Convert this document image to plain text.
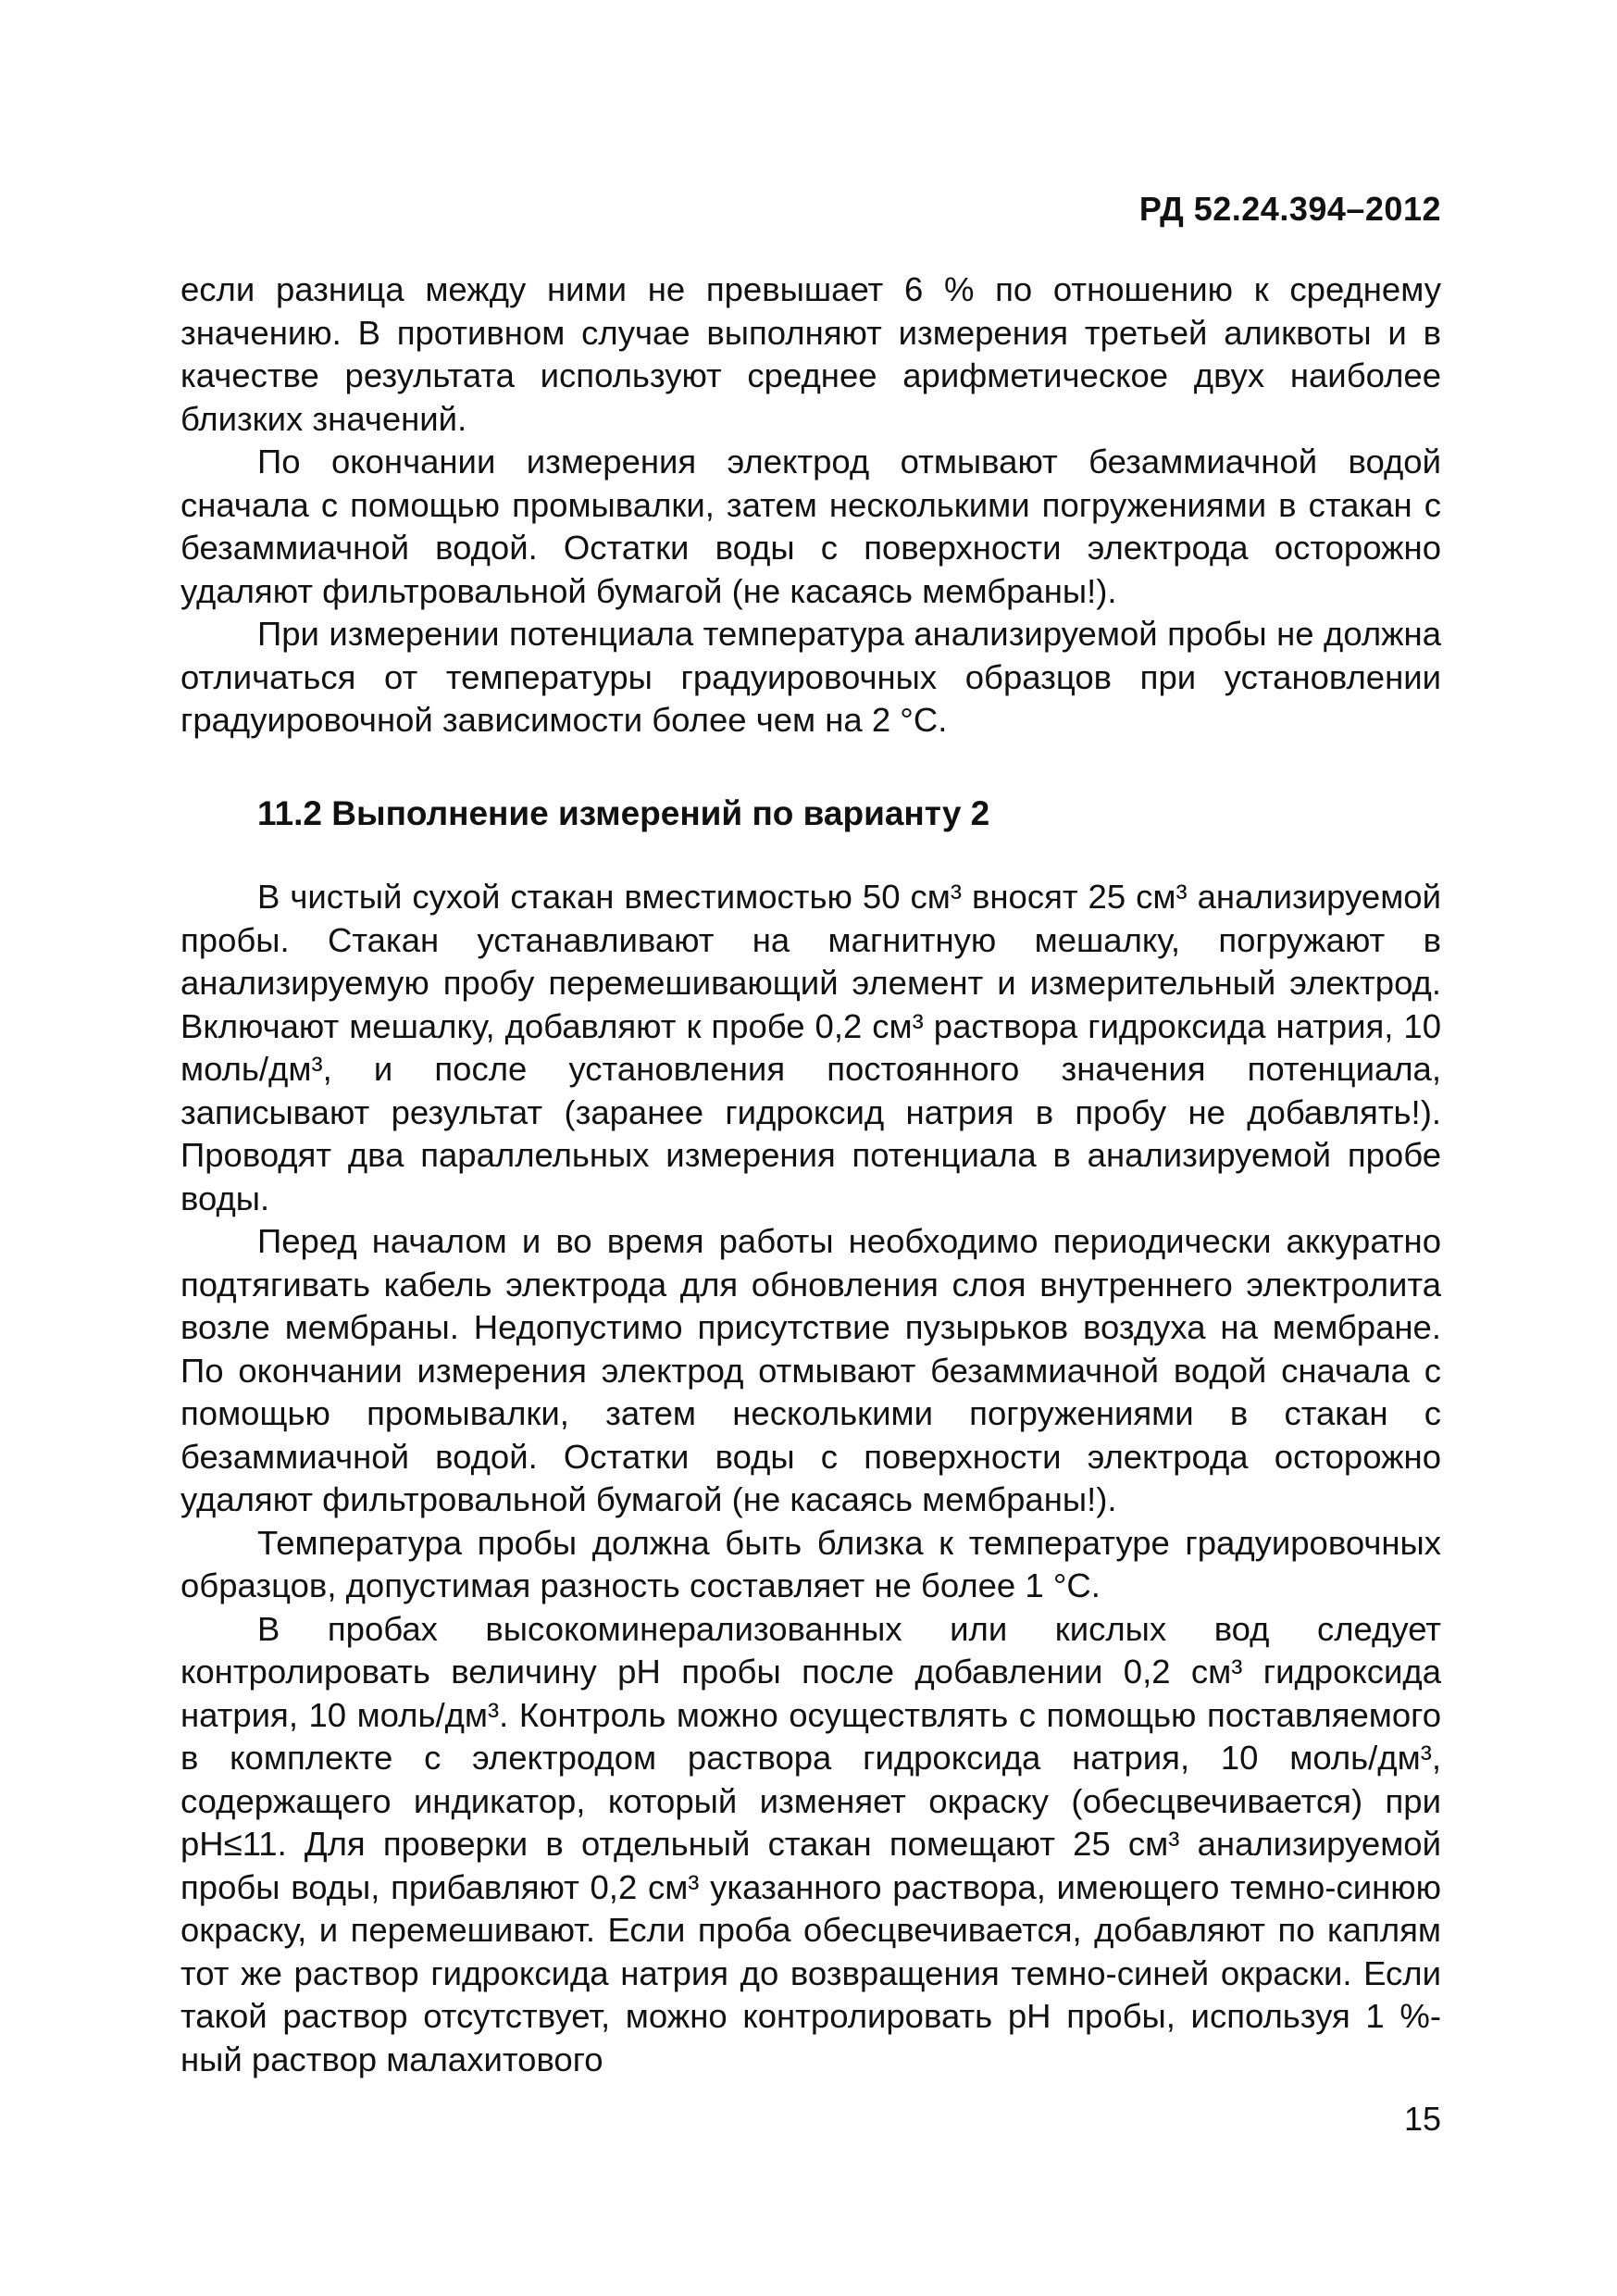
РД 52.24.394–2012

если разница между ними не превышает 6 % по отношению к среднему значению. В противном случае выполняют измерения третьей аликвоты и в качестве результата используют среднее арифметическое двух наиболее близких значений.

По окончании измерения электрод отмывают безаммиачной водой сначала с помощью промывалки, затем несколькими погружениями в стакан с безаммиачной водой. Остатки воды с поверхности электрода осторожно удаляют фильтровальной бумагой (не касаясь мембраны!).

При измерении потенциала температура анализируемой пробы не должна отличаться от температуры градуировочных образцов при установлении градуировочной зависимости более чем на 2 °С.

11.2 Выполнение измерений по варианту 2

В чистый сухой стакан вместимостью 50 см³ вносят 25 см³ анализируемой пробы. Стакан устанавливают на магнитную мешалку, погружают в анализируемую пробу перемешивающий элемент и измерительный электрод. Включают мешалку, добавляют к пробе 0,2 см³ раствора гидроксида натрия, 10 моль/дм³, и после установления постоянного значения потенциала, записывают результат (заранее гидроксид натрия в пробу не добавлять!). Проводят два параллельных измерения потенциала в анализируемой пробе воды.

Перед началом и во время работы необходимо периодически аккуратно подтягивать кабель электрода для обновления слоя внутреннего электролита возле мембраны. Недопустимо присутствие пузырьков воздуха на мембране. По окончании измерения электрод отмывают безаммиачной водой сначала с помощью промывалки, затем несколькими погружениями в стакан с безаммиачной водой. Остатки воды с поверхности электрода осторожно удаляют фильтровальной бумагой (не касаясь мембраны!).

Температура пробы должна быть близка к температуре градуировочных образцов, допустимая разность составляет не более 1 °С.

В пробах высокоминерализованных или кислых вод следует контролировать величину pH пробы после добавлении 0,2 см³ гидроксида натрия, 10 моль/дм³. Контроль можно осуществлять с помощью поставляемого в комплекте с электродом раствора гидроксида натрия, 10 моль/дм³, содержащего индикатор, который изменяет окраску (обесцвечивается) при pH≤11. Для проверки в отдельный стакан помещают 25 см³ анализируемой пробы воды, прибавляют 0,2 см³ указанного раствора, имеющего темно-синюю окраску, и перемешивают. Если проба обесцвечивается, добавляют по каплям тот же раствор гидроксида натрия до возвращения темно-синей окраски. Если такой раствор отсутствует, можно контролировать pH пробы, используя 1 %-ный раствор малахитового

15
